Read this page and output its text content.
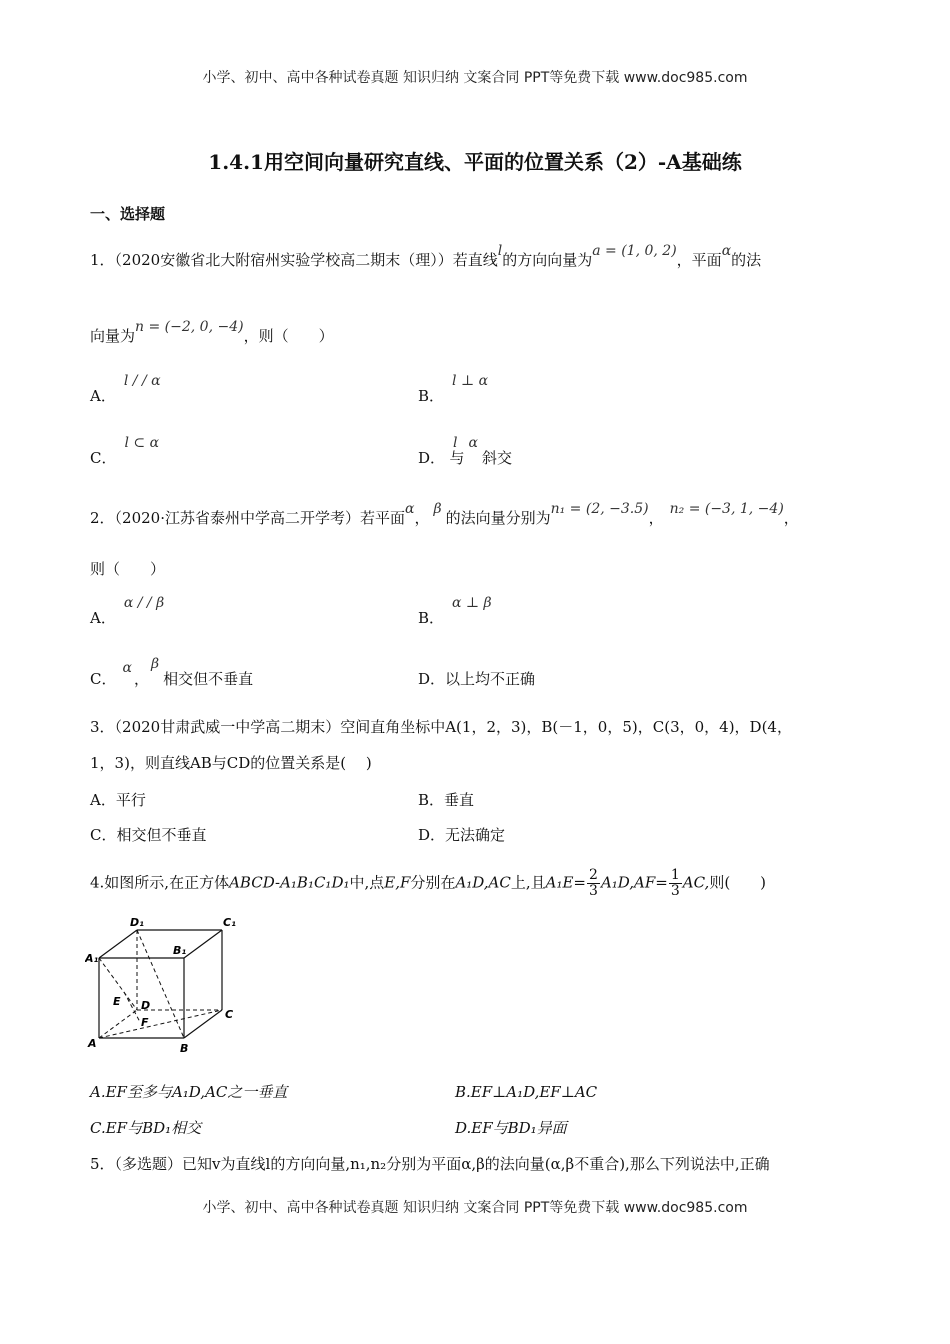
小学、初中、高中各种试卷真题 知识归纳 文案合同 PPT等免费下载 www.doc985.com
1.4.1用空间向量研究直线、平面的位置关系（2）-A基础练
一、选择题
1．（2020安徽省北大附宿州实验学校高二期末（理））若直线l的方向向量为a = (1, 0, 2)，平面α的法
向量为n = (−2, 0, −4)，则（　　）
A．l / / α
B．l ⊥ α
C．l ⊂ α
D．l与α斜交
2．（2020·江苏省泰州中学高二开学考）若平面α， β 的法向量分别为n₁ = (2, −3.5)， n₂ = (−3, 1, −4)，
则（　　）
A．α / / β
B．α ⊥ β
C．α，β相交但不垂直	D．以上均不正确
3．（2020甘肃武威一中学高二期末）空间直角坐标中A(1，2，3)，B(－1，0，5)，C(3，0，4)，D(4，
1，3)，则直线AB与CD的位置关系是(　 )
A．平行	B．垂直
C．相交但不垂直	D．无法确定
4.如图所示,在正方体ABCD-A₁B₁C₁D₁中,点E,F分别在A₁D,AC上,且$A_1E= \frac{2}{3} A_1D,AF= \frac{1}{3}$ AC,则(　　)
D₁	C₁
B₁
A₁
E D
F
C
A	B
A.EF至多与A₁D,AC之一垂直	B.EF⊥A₁D,EF⊥AC
C.EF与BD₁相交	D.EF与BD₁异面
5．（多选题）已知v为直线l的方向向量,n₁,n₂分别为平面α,β的法向量(α,β不重合),那么下列说法中,正确
小学、初中、高中各种试卷真题 知识归纳 文案合同 PPT等免费下载 www.doc985.com
